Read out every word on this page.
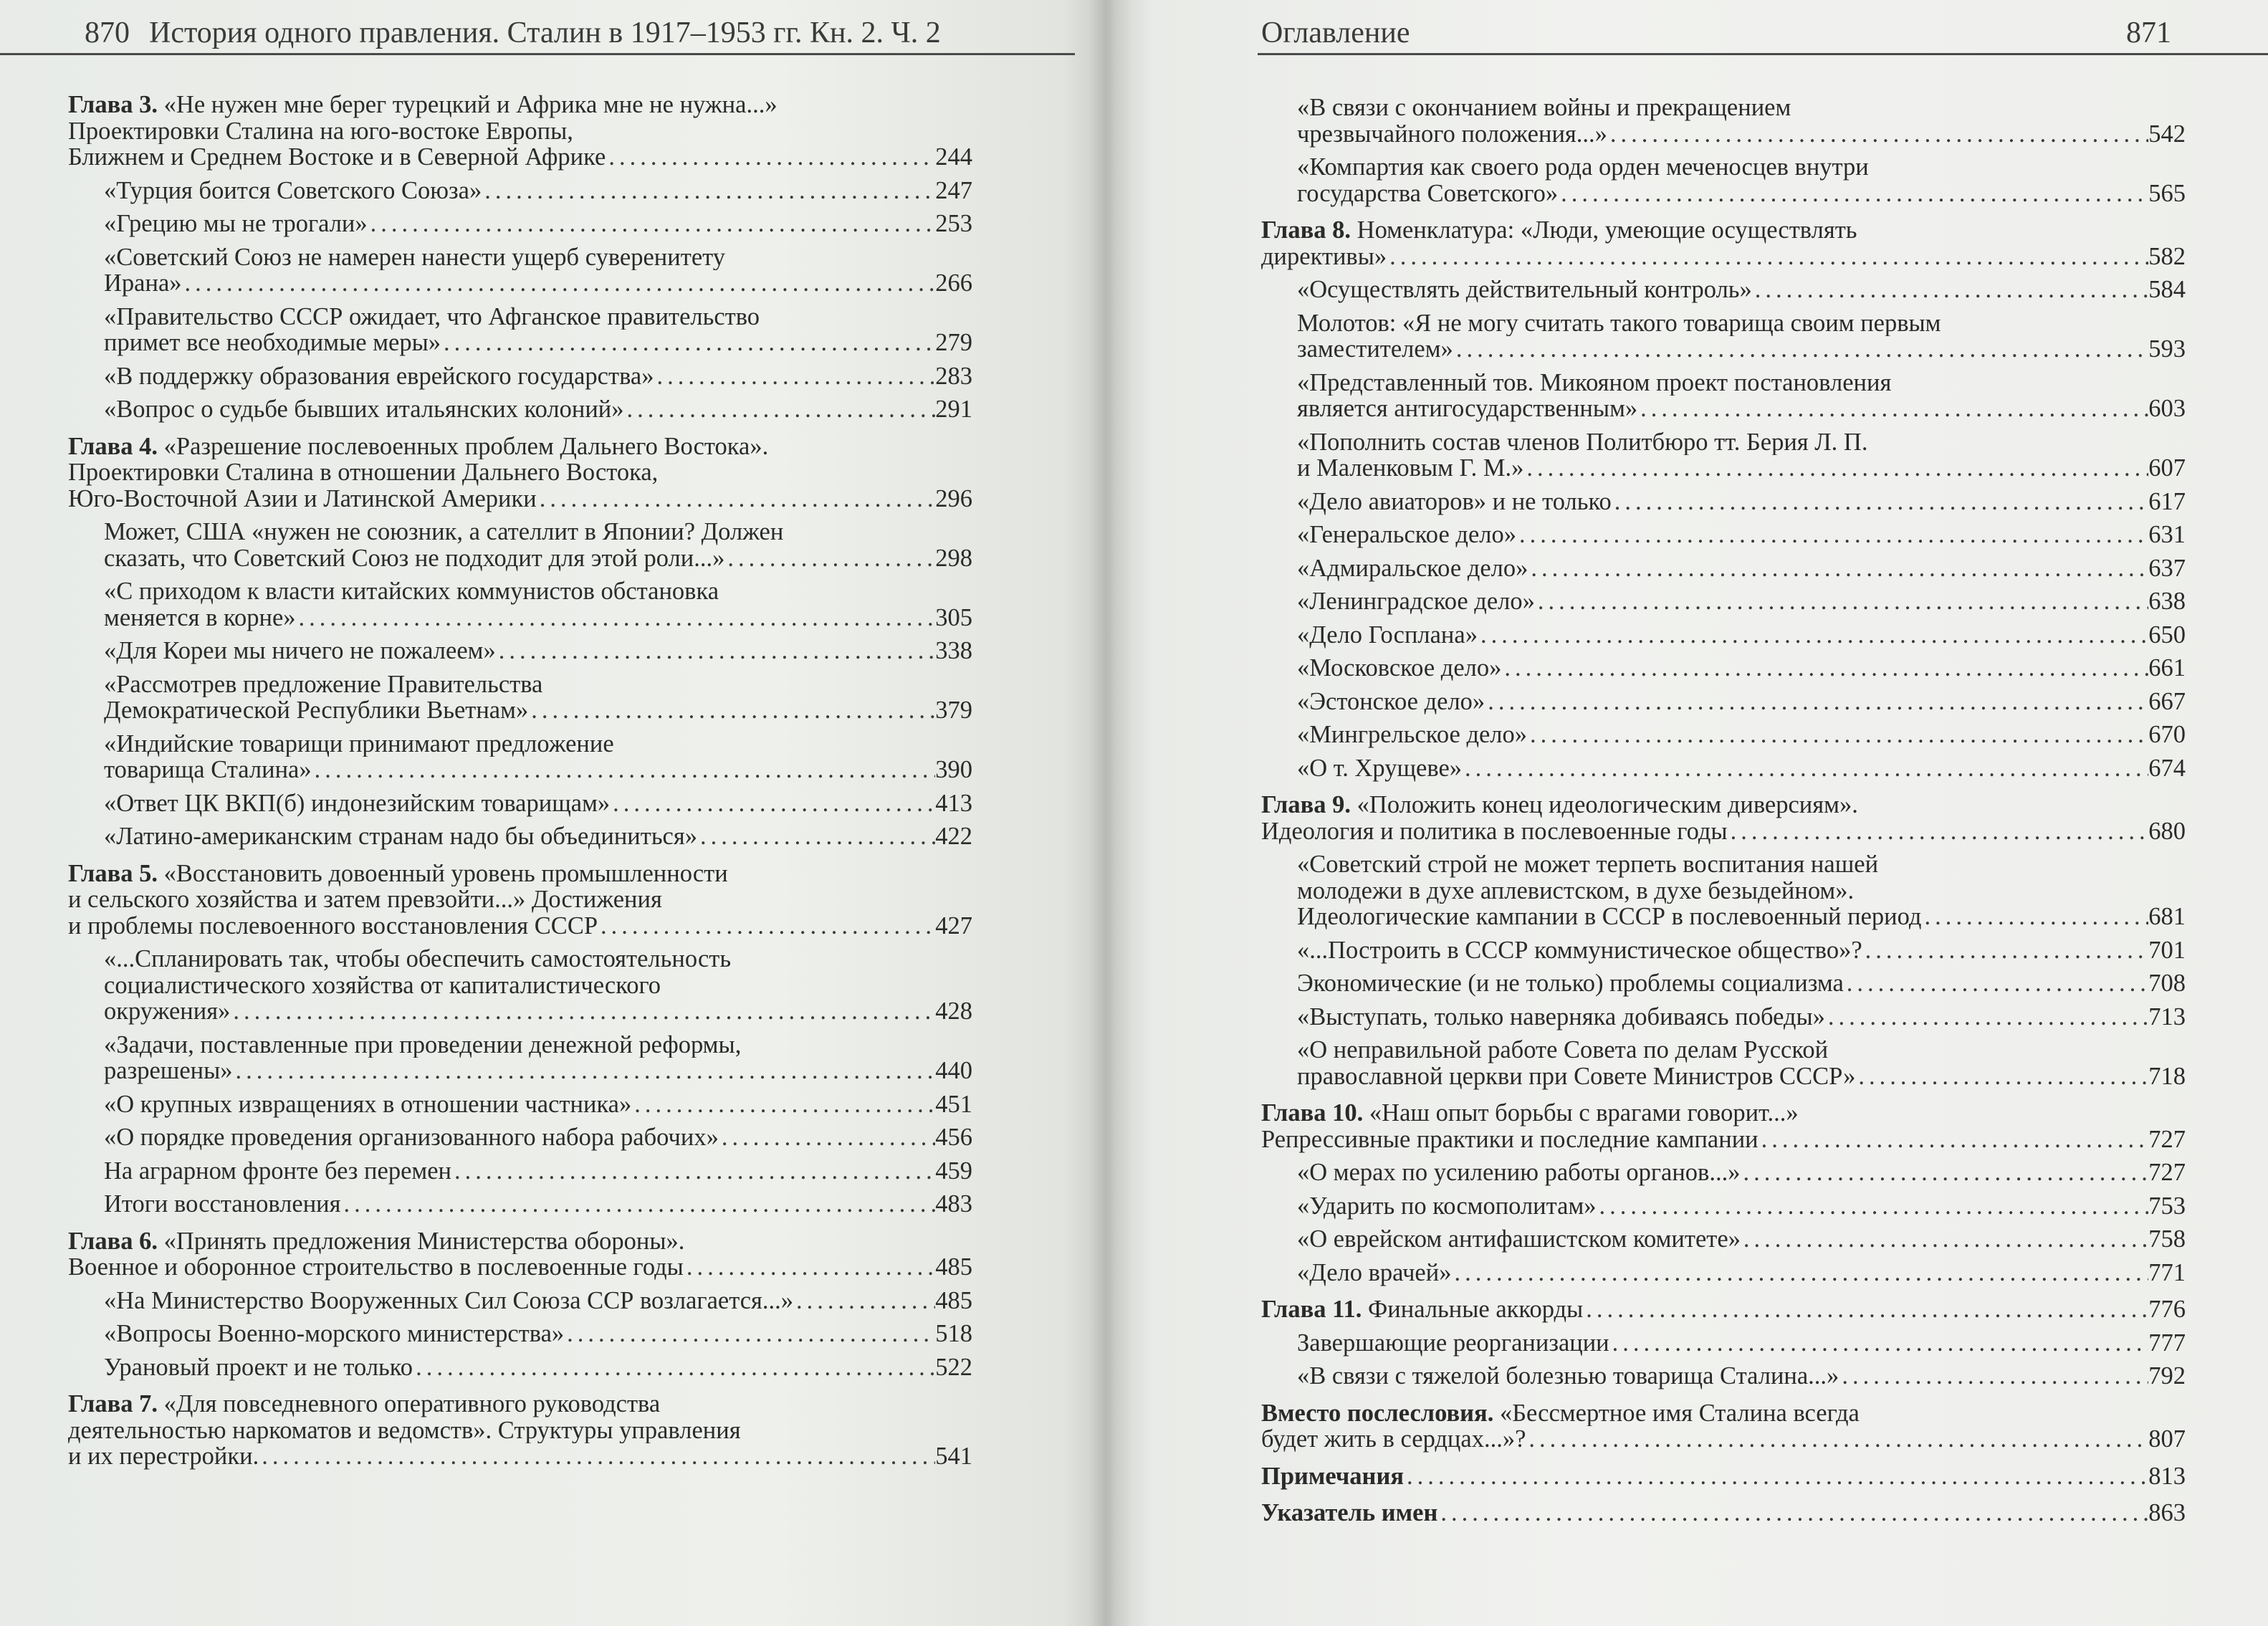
870 История одного правления. Сталин в 1917–1953 гг. Кн. 2. Ч. 2
Глава 3. «Не нужен мне берег турецкий и Африка мне не нужна...»
Проектировки Сталина на юго-востоке Европы,
Ближнем и Среднем Востоке и в Северной Африке .....	244
«Турция боится Советского Союза» .....	247
«Грецию мы не трогали» .....	253
«Советский Союз не намерен нанести ущерб суверенитету
Ирана» .....	266
«Правительство СССР ожидает, что Афганское правительство
примет все необходимые меры» .....	279
«В поддержку образования еврейского государства» .....	283
«Вопрос о судьбе бывших итальянских колоний» .....	291
Глава 4. «Разрешение послевоенных проблем Дальнего Востока».
Проектировки Сталина в отношении Дальнего Востока,
Юго-Восточной Азии и Латинской Америки .....	296
Может, США «нужен не союзник, а сателлит в Японии? Должен
сказать, что Советский Союз не подходит для этой роли...» .....	298
«С приходом к власти китайских коммунистов обстановка
меняется в корне» .....	305
«Для Кореи мы ничего не пожалеем» .....	338
«Рассмотрев предложение Правительства
Демократической Республики Вьетнам» .....	379
«Индийские товарищи принимают предложение
товарища Сталина» .....	390
«Ответ ЦК ВКП(б) индонезийским товарищам» .....	413
«Латино-американским странам надо бы объединиться» .....	422
Глава 5. «Восстановить довоенный уровень промышленности
и сельского хозяйства и затем превзойти...» Достижения
и проблемы послевоенного восстановления СССР .....	427
«...Спланировать так, чтобы обеспечить самостоятельность
социалистического хозяйства от капиталистического
окружения» .....	428
«Задачи, поставленные при проведении денежной реформы,
разрешены» .....	440
«О крупных извращениях в отношении частника» .....	451
«О порядке проведения организованного набора рабочих» .....	456
На аграрном фронте без перемен .....	459
Итоги восстановления .....	483
Глава 6. «Принять предложения Министерства обороны».
Военное и оборонное строительство в послевоенные годы .....	485
«На Министерство Вооруженных Сил Союза ССР возлагается...» .....	485
«Вопросы Военно-морского министерства» .....	518
Урановый проект и не только .....	522
Глава 7. «Для повседневного оперативного руководства
деятельностью наркоматов и ведомств». Структуры управления
и их перестройки. .....	541
Оглавление	871
«В связи с окончанием войны и прекращением
чрезвычайного положения...» .....	542
«Компартия как своего рода орден меченосцев внутри
государства Советского» .....	565
Глава 8. Номенклатура: «Люди, умеющие осуществлять
директивы» .....	582
«Осуществлять действительный контроль» .....	584
Молотов: «Я не могу считать такого товарища своим первым
заместителем» .....	593
«Представленный тов. Микояном проект постановления
является антигосударственным» .....	603
«Пополнить состав членов Политбюро тт. Берия Л. П.
и Маленковым Г. М.» .....	607
«Дело авиаторов» и не только .....	617
«Генеральское дело» .....	631
«Адмиральское дело» .....	637
«Ленинградское дело» .....	638
«Дело Госплана» .....	650
«Московское дело» .....	661
«Эстонское дело» .....	667
«Мингрельское дело» .....	670
«О т. Хрущеве» .....	674
Глава 9. «Положить конец идеологическим диверсиям».
Идеология и политика в послевоенные годы .....	680
«Советский строй не может терпеть воспитания нашей
молодежи в духе аплевистском, в духе безыдейном».
Идеологические кампании в СССР в послевоенный период .....	681
«...Построить в СССР коммунистическое общество»? .....	701
Экономические (и не только) проблемы социализма .....	708
«Выступать, только наверняка добиваясь победы» .....	713
«О неправильной работе Совета по делам Русской
православной церкви при Совете Министров СССР» .....	718
Глава 10. «Наш опыт борьбы с врагами говорит...»
Репрессивные практики и последние кампании .....	727
«О мерах по усилению работы органов...» .....	727
«Ударить по космополитам» .....	753
«О еврейском антифашистском комитете» .....	758
«Дело врачей» .....	771
Глава 11. Финальные аккорды .....	776
Завершающие реорганизации .....	777
«В связи с тяжелой болезнью товарища Сталина...» .....	792
Вместо послесловия. «Бессмертное имя Сталина всегда
будет жить в сердцах...»? .....	807
Примечания .....	813
Указатель имен .....	863
